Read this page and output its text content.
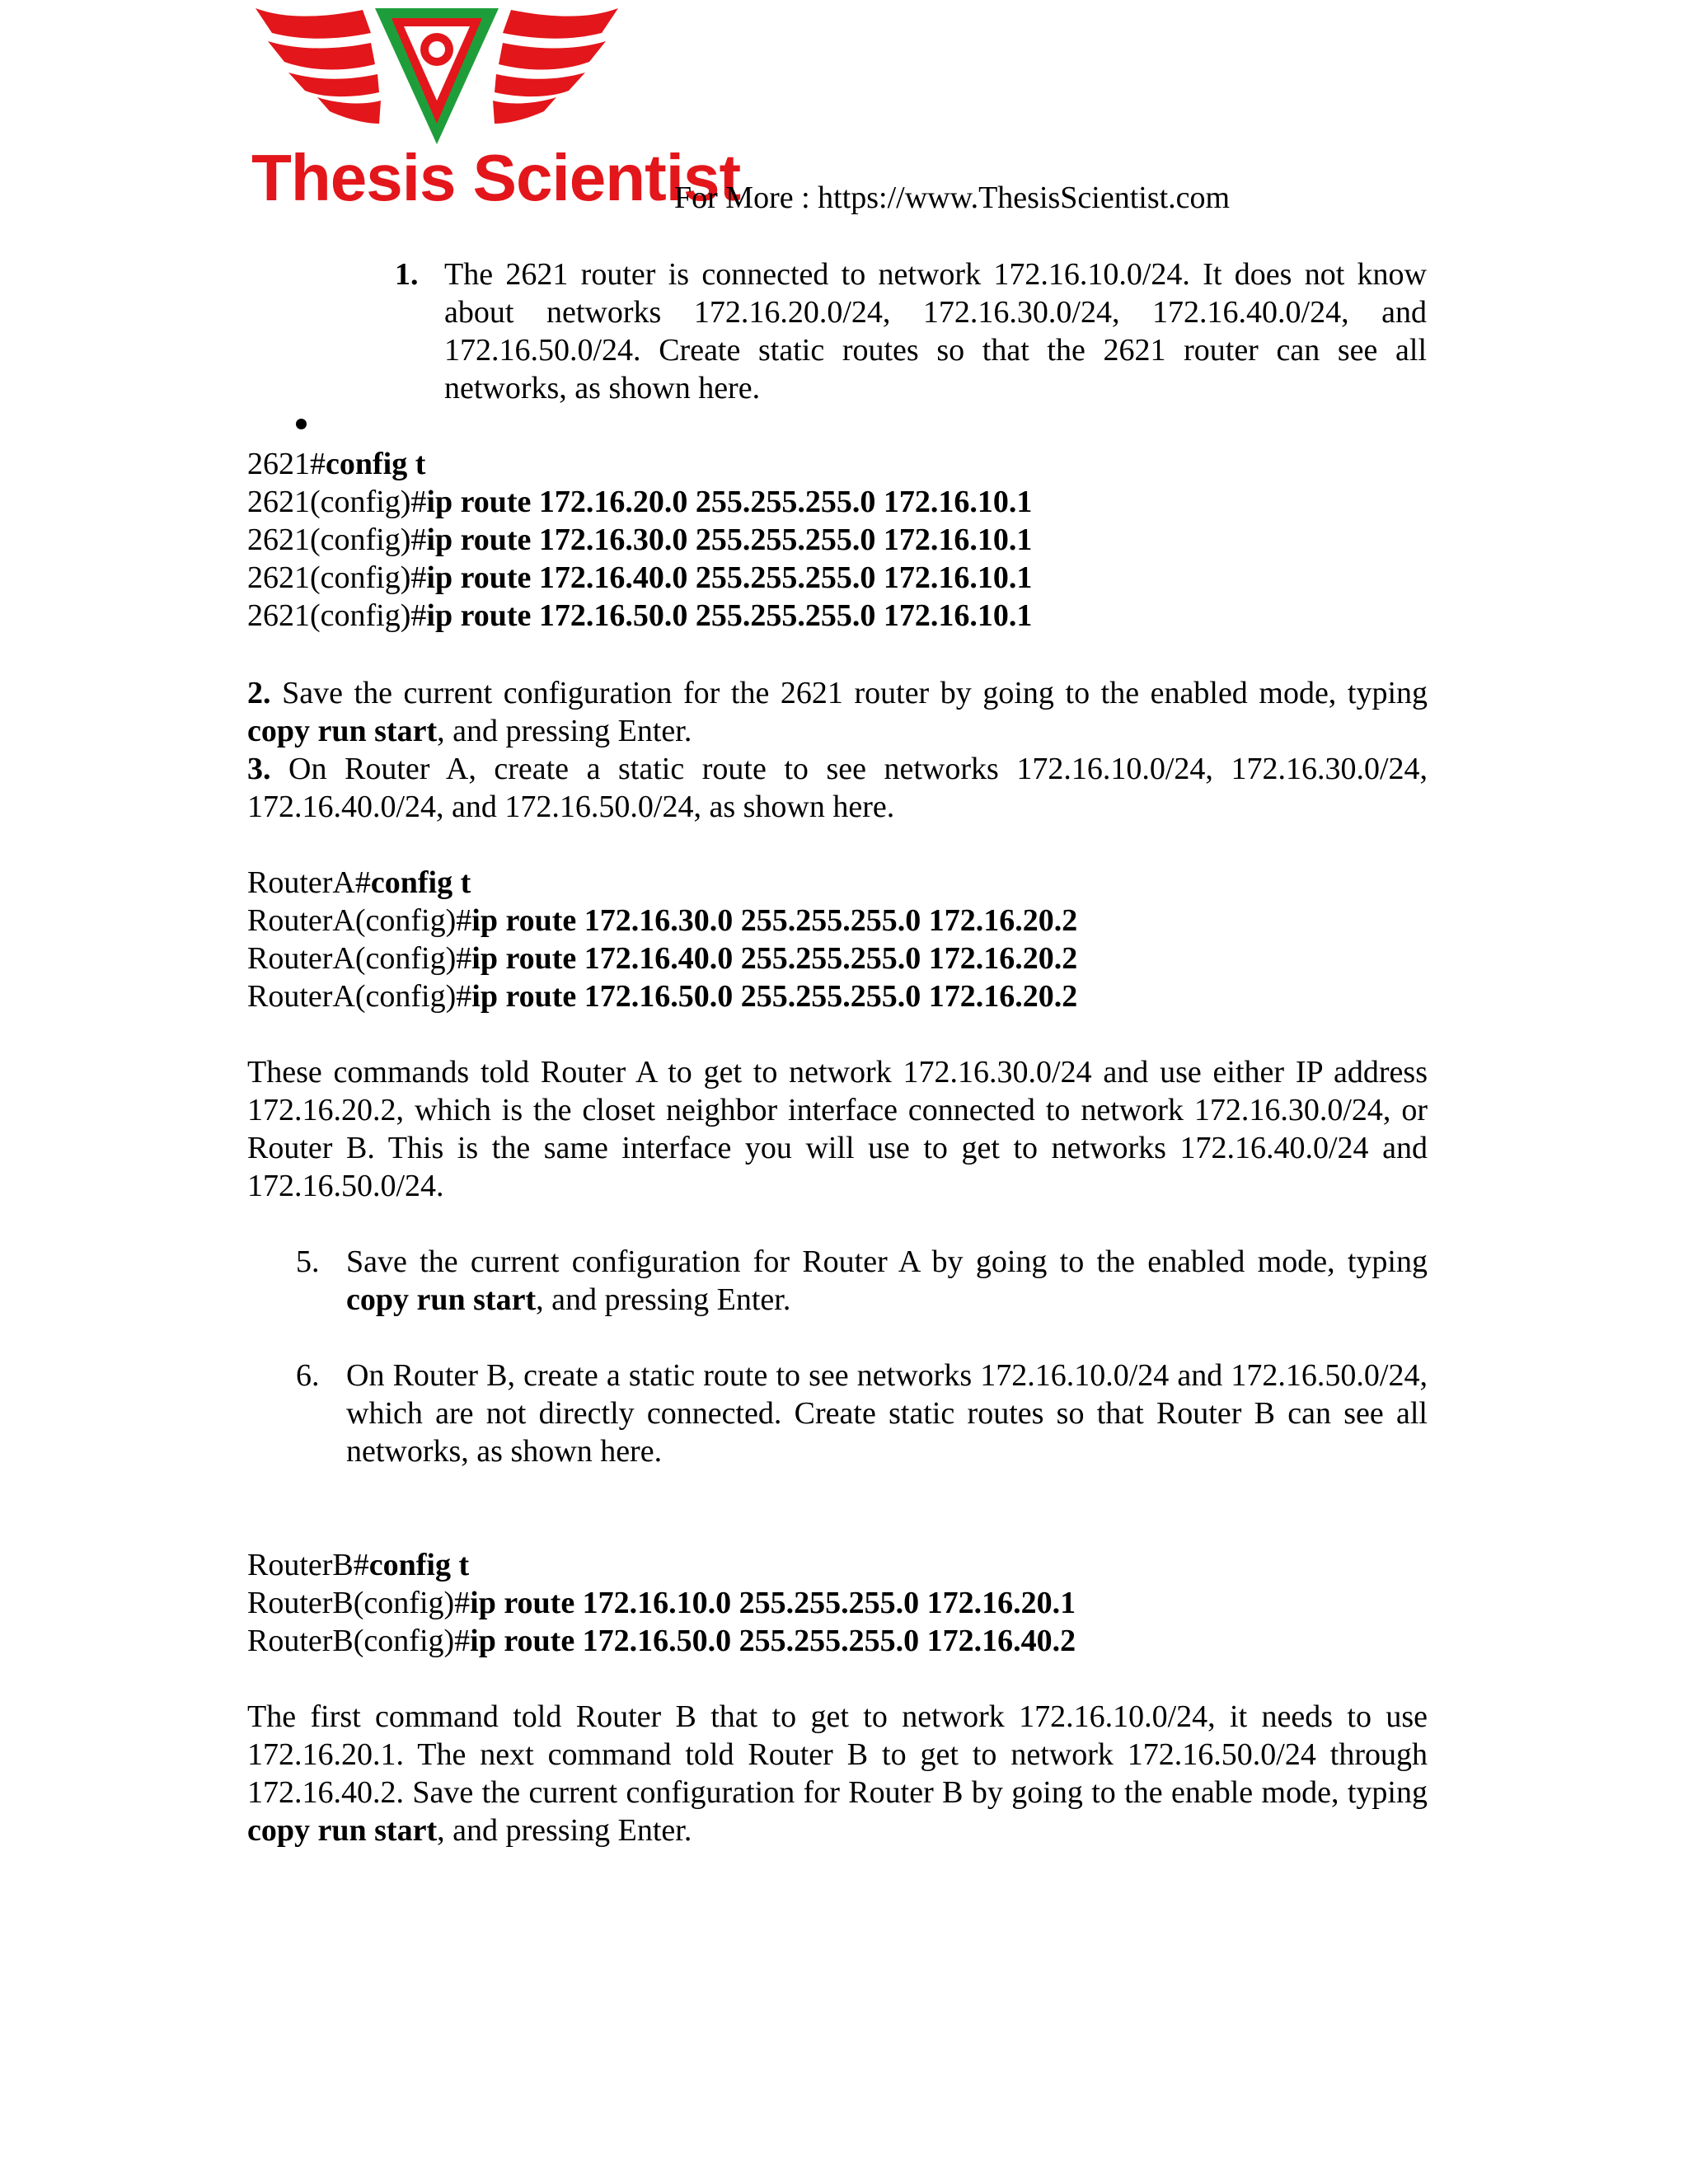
Thesis Scientist
For More : https://www.ThesisScientist.com
1. The 2621 router is connected to network 172.16.10.0/24. It does not know about networks 172.16.20.0/24, 172.16.30.0/24, 172.16.40.0/24, and 172.16.50.0/24. Create static routes so that the 2621 router can see all networks, as shown here.
2621#config t
2621(config)#ip route 172.16.20.0 255.255.255.0 172.16.10.1
2621(config)#ip route 172.16.30.0 255.255.255.0 172.16.10.1
2621(config)#ip route 172.16.40.0 255.255.255.0 172.16.10.1
2621(config)#ip route 172.16.50.0 255.255.255.0 172.16.10.1
2. Save the current configuration for the 2621 router by going to the enabled mode, typing copy run start, and pressing Enter.
3. On Router A, create a static route to see networks 172.16.10.0/24, 172.16.30.0/24, 172.16.40.0/24, and 172.16.50.0/24, as shown here.
RouterA#config t
RouterA(config)#ip route 172.16.30.0 255.255.255.0 172.16.20.2
RouterA(config)#ip route 172.16.40.0 255.255.255.0 172.16.20.2
RouterA(config)#ip route 172.16.50.0 255.255.255.0 172.16.20.2
These commands told Router A to get to network 172.16.30.0/24 and use either IP address 172.16.20.2, which is the closet neighbor interface connected to network 172.16.30.0/24, or Router B. This is the same interface you will use to get to networks 172.16.40.0/24 and 172.16.50.0/24.
5. Save the current configuration for Router A by going to the enabled mode, typing copy run start, and pressing Enter.
6. On Router B, create a static route to see networks 172.16.10.0/24 and 172.16.50.0/24, which are not directly connected. Create static routes so that Router B can see all networks, as shown here.
RouterB#config t
RouterB(config)#ip route 172.16.10.0 255.255.255.0 172.16.20.1
RouterB(config)#ip route 172.16.50.0 255.255.255.0 172.16.40.2
The first command told Router B that to get to network 172.16.10.0/24, it needs to use 172.16.20.1. The next command told Router B to get to network 172.16.50.0/24 through 172.16.40.2. Save the current configuration for Router B by going to the enable mode, typing copy run start, and pressing Enter.
